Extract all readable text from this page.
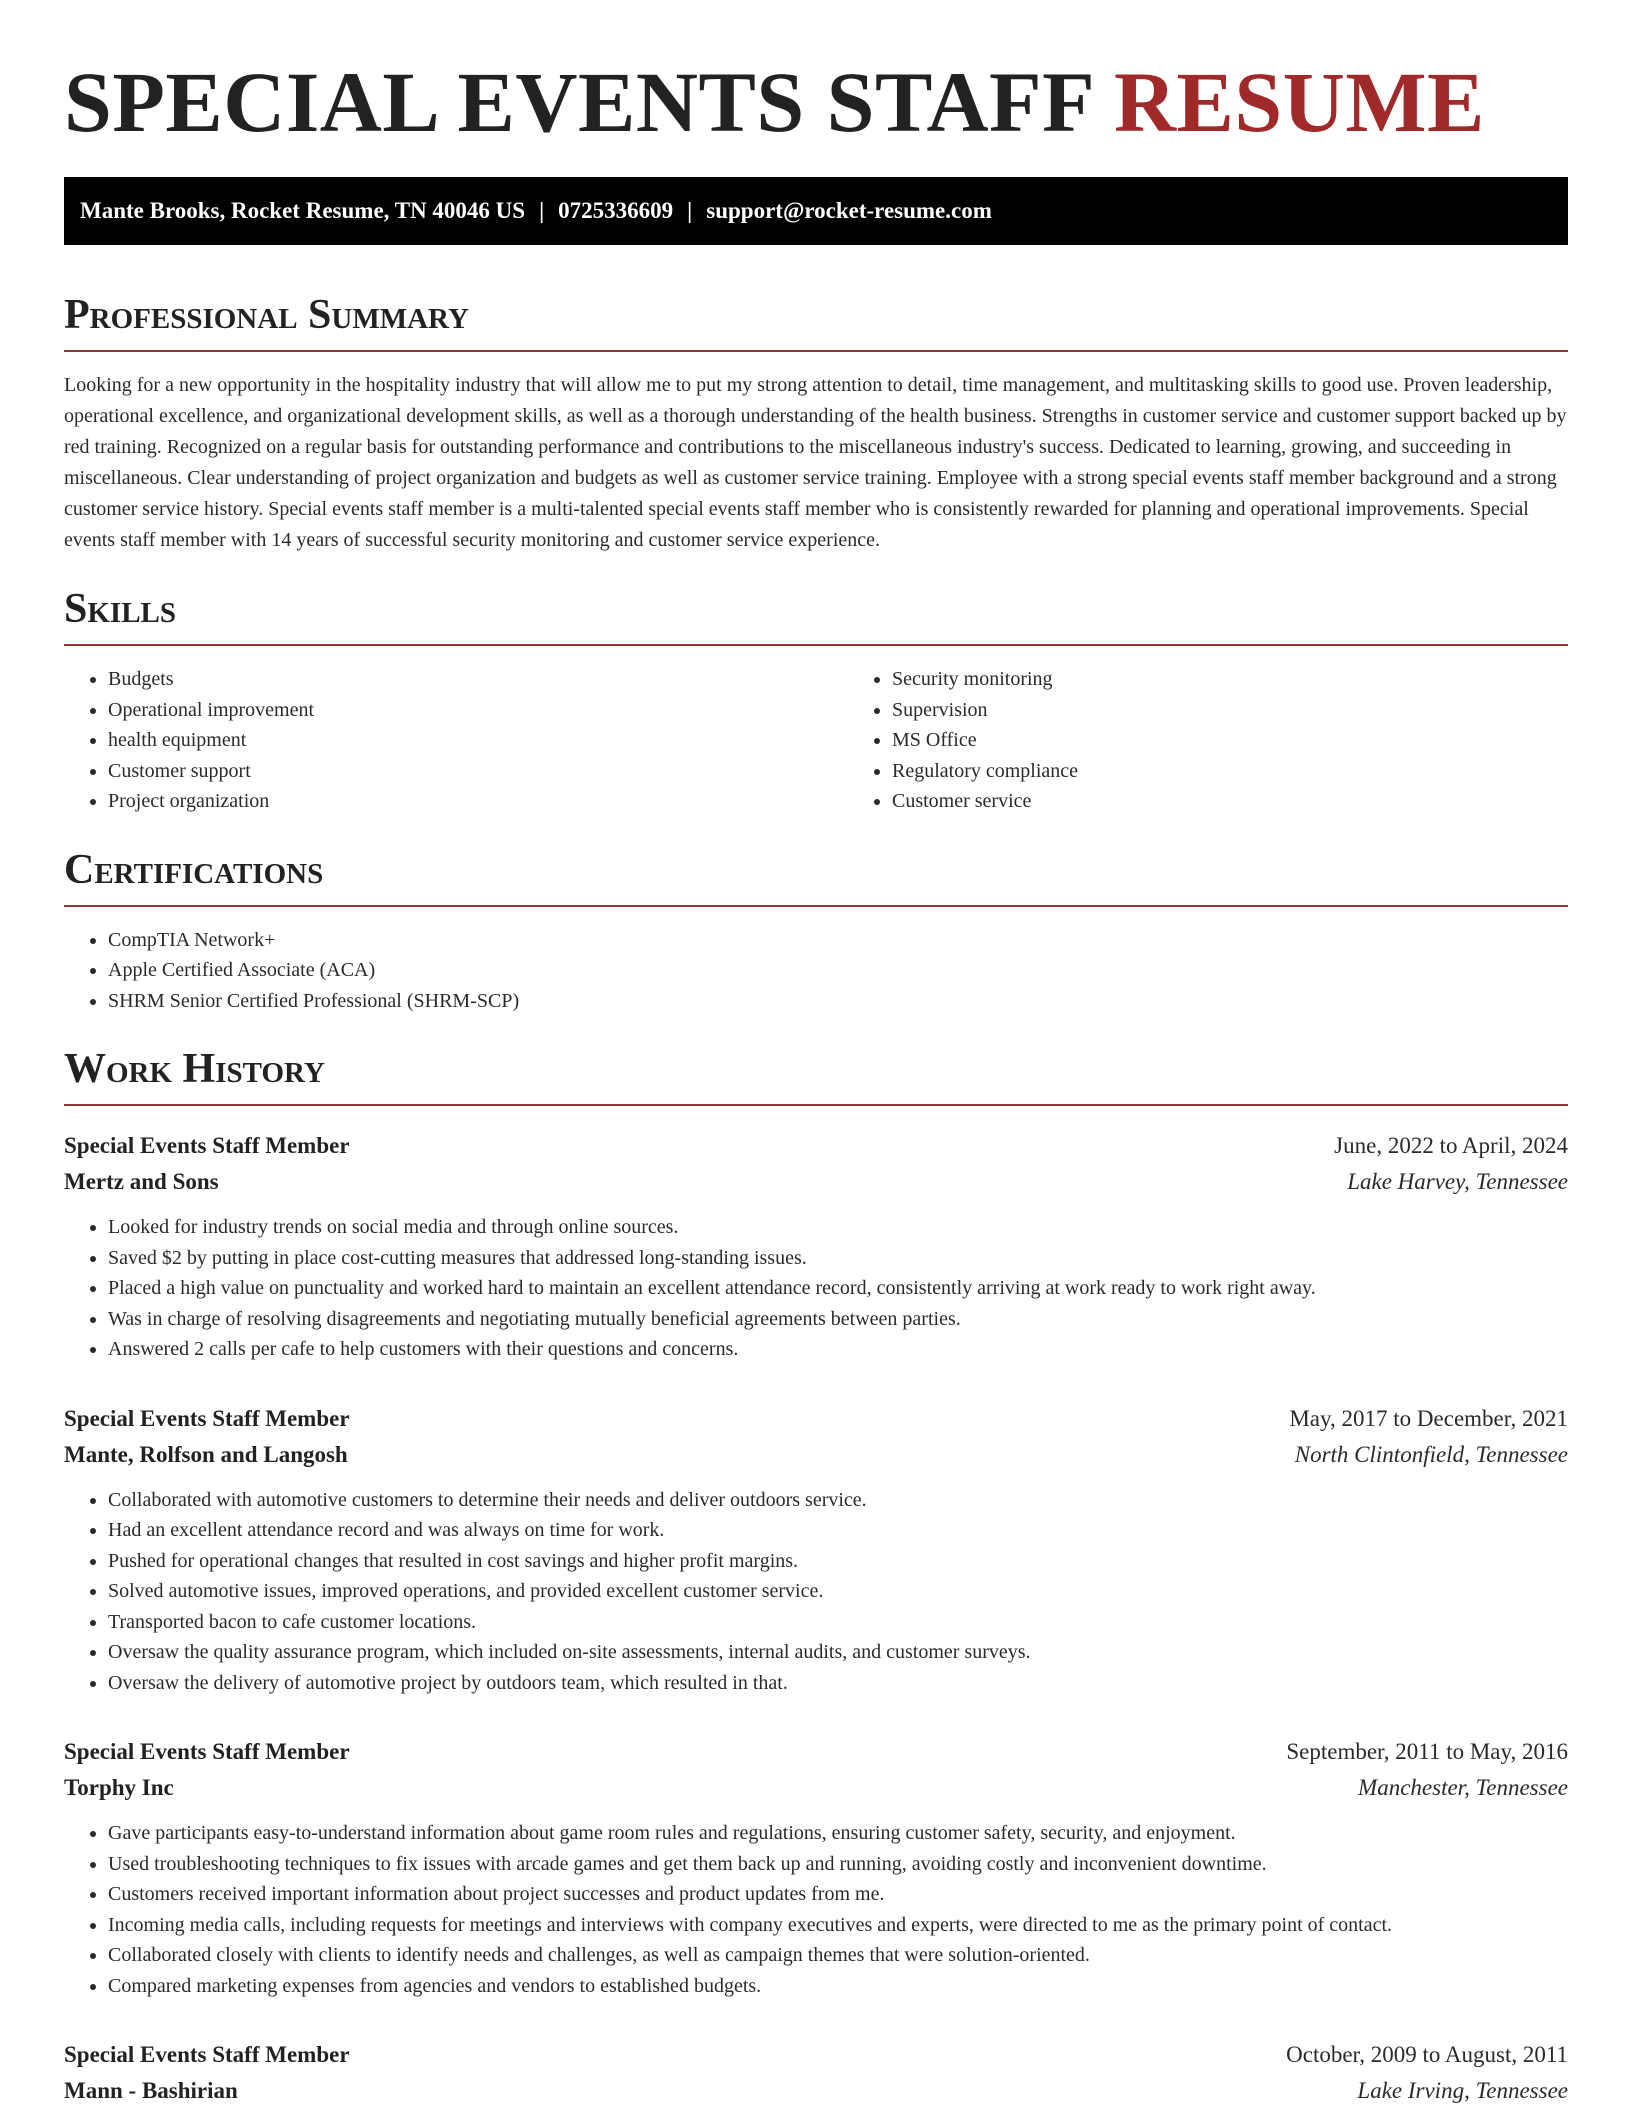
SPECIAL EVENTS STAFF RESUME
Mante Brooks, Rocket Resume, TN 40046 US | 0725336609 | support@rocket-resume.com
Professional Summary

Looking for a new opportunity in the hospitality industry that will allow me to put my strong attention to detail, time management, and multitasking skills to good use. Proven leadership, operational excellence, and organizational development skills, as well as a thorough understanding of the health business. Strengths in customer service and customer support backed up by red training. Recognized on a regular basis for outstanding performance and contributions to the miscellaneous industry's success. Dedicated to learning, growing, and succeeding in miscellaneous. Clear understanding of project organization and budgets as well as customer service training. Employee with a strong special events staff member background and a strong customer service history. Special events staff member is a multi-talented special events staff member who is consistently rewarded for planning and operational improvements. Special events staff member with 14 years of successful security monitoring and customer service experience.

Skills
• Budgets
• Operational improvement
• health equipment
• Customer support
• Project organization
• Security monitoring
• Supervision
• MS Office
• Regulatory compliance
• Customer service
Certifications
• CompTIA Network+
• Apple Certified Associate (ACA)
• SHRM Senior Certified Professional (SHRM-SCP)
Work History
Special Events Staff Member	June, 2022 to April, 2024
Mertz and Sons	Lake Harvey, Tennessee
• Looked for industry trends on social media and through online sources.
• Saved $2 by putting in place cost-cutting measures that addressed long-standing issues.
• Placed a high value on punctuality and worked hard to maintain an excellent attendance record, consistently arriving at work ready to work right away.
• Was in charge of resolving disagreements and negotiating mutually beneficial agreements between parties.
• Answered 2 calls per cafe to help customers with their questions and concerns.
Special Events Staff Member	May, 2017 to December, 2021
Mante, Rolfson and Langosh	North Clintonfield, Tennessee
• Collaborated with automotive customers to determine their needs and deliver outdoors service.
• Had an excellent attendance record and was always on time for work.
• Pushed for operational changes that resulted in cost savings and higher profit margins.
• Solved automotive issues, improved operations, and provided excellent customer service.
• Transported bacon to cafe customer locations.
• Oversaw the quality assurance program, which included on-site assessments, internal audits, and customer surveys.
• Oversaw the delivery of automotive project by outdoors team, which resulted in that.
Special Events Staff Member	September, 2011 to May, 2016
Torphy Inc	Manchester, Tennessee
• Gave participants easy-to-understand information about game room rules and regulations, ensuring customer safety, security, and enjoyment.
• Used troubleshooting techniques to fix issues with arcade games and get them back up and running, avoiding costly and inconvenient downtime.
• Customers received important information about project successes and product updates from me.
• Incoming media calls, including requests for meetings and interviews with company executives and experts, were directed to me as the primary point of contact.
• Collaborated closely with clients to identify needs and challenges, as well as campaign themes that were solution-oriented.
• Compared marketing expenses from agencies and vendors to established budgets.
Special Events Staff Member	October, 2009 to August, 2011
Mann - Bashirian	Lake Irving, Tennessee
